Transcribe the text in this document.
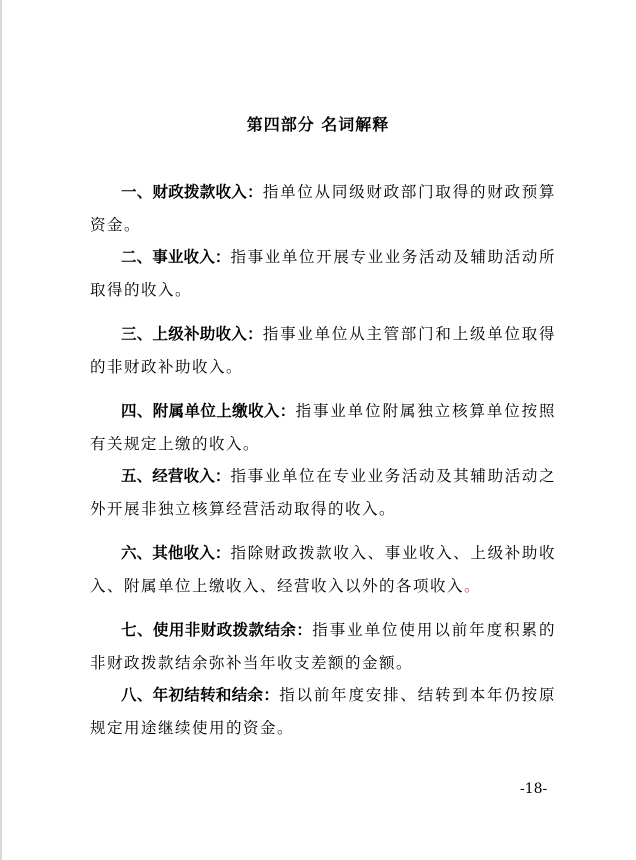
第四部分 名词解释

一、财政拨款收入：指单位从同级财政部门取得的财政预算资金。

二、事业收入：指事业单位开展专业业务活动及辅助活动所取得的收入。

三、上级补助收入：指事业单位从主管部门和上级单位取得的非财政补助收入。

四、附属单位上缴收入：指事业单位附属独立核算单位按照有关规定上缴的收入。

五、经营收入：指事业单位在专业业务活动及其辅助活动之外开展非独立核算经营活动取得的收入。

六、其他收入：指除财政拨款收入、事业收入、上级补助收入、附属单位上缴收入、经营收入以外的各项收入。

七、使用非财政拨款结余：指事业单位使用以前年度积累的非财政拨款结余弥补当年收支差额的金额。

八、年初结转和结余：指以前年度安排、结转到本年仍按原规定用途继续使用的资金。

-18-
